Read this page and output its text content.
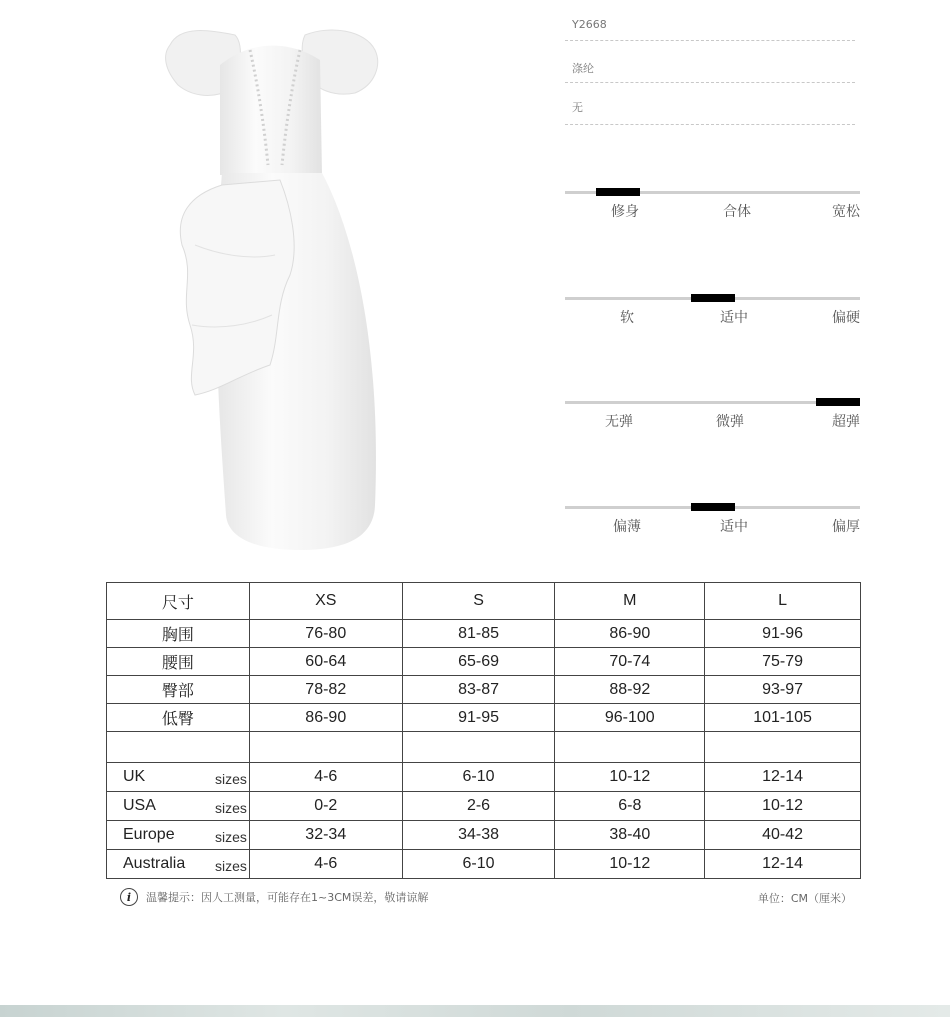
Y2668
涤纶
无
修身	合体	宽松
软	适中	偏硬
无弹	微弹	超弹
偏薄	适中	偏厚
尺寸	XS	S	M	L
胸围	76-80	81-85	86-90	91-96
腰围	60-64	65-69	70-74	75-79
臀部	78-82	83-87	88-92	93-97
低臀	86-90	91-95	96-100	101-105

UK sizes	4-6	6-10	10-12	12-14
USA sizes	0-2	2-6	6-8	10-12
Europe sizes	32-34	34-38	38-40	40-42
Australia sizes	4-6	6-10	10-12	12-14
i	温馨提示：因人工测量，可能存在1~3CM误差，敬请谅解	单位：CM（厘米）
